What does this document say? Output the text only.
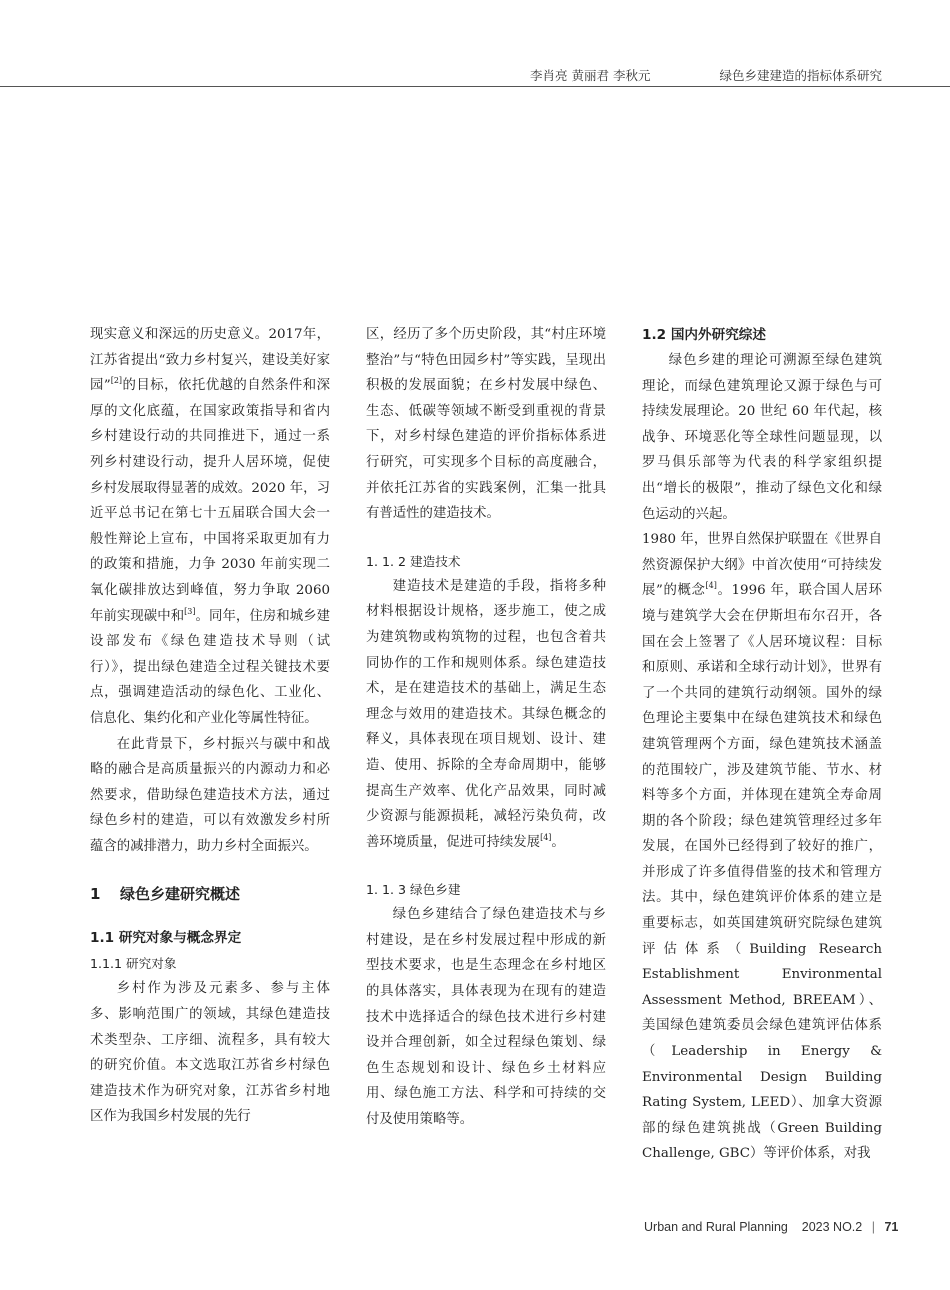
李肖亮 黄丽君 李秋元	绿色乡建建造的指标体系研究

现实意义和深远的历史意义。2017年，江苏省提出“致力乡村复兴，建设美好家园”[2]的目标，依托优越的自然条件和深厚的文化底蕴，在国家政策指导和省内乡村建设行动的共同推进下，通过一系列乡村建设行动，提升人居环境，促使乡村发展取得显著的成效。2020 年，习近平总书记在第七十五届联合国大会一般性辩论上宣布，中国将采取更加有力的政策和措施，力争 2030 年前实现二氧化碳排放达到峰值，努力争取 2060 年前实现碳中和[3]。同年，住房和城乡建设部发布《绿色建造技术导则（试行）》，提出绿色建造全过程关键技术要点，强调建造活动的绿色化、工业化、信息化、集约化和产业化等属性特征。

在此背景下，乡村振兴与碳中和战略的融合是高质量振兴的内源动力和必然要求，借助绿色建造技术方法，通过绿色乡村的建造，可以有效激发乡村所蕴含的减排潜力，助力乡村全面振兴。

1 绿色乡建研究概述
1.1 研究对象与概念界定
1.1.1 研究对象

乡村作为涉及元素多、参与主体多、影响范围广的领域，其绿色建造技术类型杂、工序细、流程多，具有较大的研究价值。本文选取江苏省乡村绿色建造技术作为研究对象，江苏省乡村地区作为我国乡村发展的先行

区，经历了多个历史阶段，其“村庄环境整治”与“特色田园乡村”等实践，呈现出积极的发展面貌；在乡村发展中绿色、生态、低碳等领域不断受到重视的背景下，对乡村绿色建造的评价指标体系进行研究，可实现多个目标的高度融合，并依托江苏省的实践案例，汇集一批具有普适性的建造技术。

1. 1. 2 建造技术

建造技术是建造的手段，指将多种材料根据设计规格，逐步施工，使之成为建筑物或构筑物的过程，也包含着共同协作的工作和规则体系。绿色建造技术，是在建造技术的基础上，满足生态理念与效用的建造技术。其绿色概念的释义，具体表现在项目规划、设计、建造、使用、拆除的全寿命周期中，能够提高生产效率、优化产品效果，同时减少资源与能源损耗，减轻污染负荷，改善环境质量，促进可持续发展[4]。

1. 1. 3 绿色乡建

绿色乡建结合了绿色建造技术与乡村建设，是在乡村发展过程中形成的新型技术要求，也是生态理念在乡村地区的具体落实，具体表现为在现有的建造技术中选择适合的绿色技术进行乡村建设并合理创新，如全过程绿色策划、绿色生态规划和设计、绿色乡土材料应用、绿色施工方法、科学和可持续的交付及使用策略等。

1.2 国内外研究综述

绿色乡建的理论可溯源至绿色建筑理论，而绿色建筑理论又源于绿色与可持续发展理论。20 世纪 60 年代起，核战争、环境恶化等全球性问题显现，以罗马俱乐部等为代表的科学家组织提出“增长的极限”，推动了绿色文化和绿色运动的兴起。

1980 年，世界自然保护联盟在《世界自然资源保护大纲》中首次使用“可持续发展”的概念[4]。1996 年，联合国人居环境与建筑学大会在伊斯坦布尔召开，各国在会上签署了《人居环境议程：目标和原则、承诺和全球行动计划》，世界有了一个共同的建筑行动纲领。国外的绿色理论主要集中在绿色建筑技术和绿色建筑管理两个方面，绿色建筑技术涵盖的范围较广，涉及建筑节能、节水、材料等多个方面，并体现在建筑全寿命周期的各个阶段；绿色建筑管理经过多年发展，在国外已经得到了较好的推广，并形成了许多值得借鉴的技术和管理方法。其中，绿色建筑评价体系的建立是重要标志，如英国建筑研究院绿色建筑评估体系（Building Research Establishment Environmental Assessment Method, BREEAM）、美国绿色建筑委员会绿色建筑评估体系（Leadership in Energy & Environmental Design Building Rating System, LEED）、加拿大资源部的绿色建筑挑战（Green Building Challenge, GBC）等评价体系，对我

Urban and Rural Planning 2023 NO.2 | 71
